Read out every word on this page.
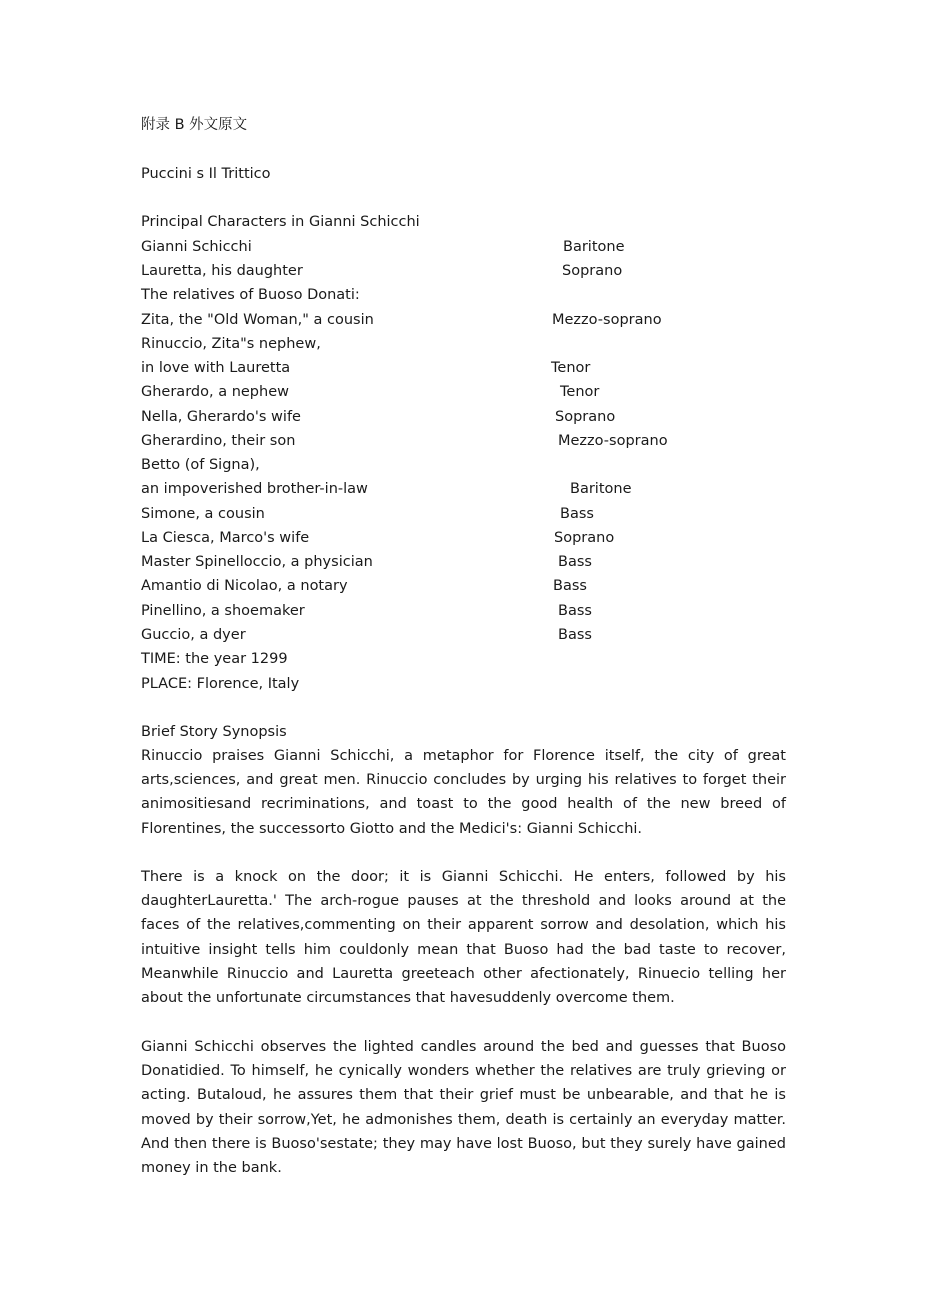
附录 B 外文原文
Puccini s Il Trittico
Principal Characters in Gianni Schicchi
Gianni Schicchi	Baritone
Lauretta, his daughter	Soprano
The relatives of Buoso Donati:
Zita, the "Old Woman," a cousin	Mezzo-soprano
Rinuccio, Zita"s nephew,
in love with Lauretta	Tenor
Gherardo, a nephew	Tenor
Nella, Gherardo's wife	Soprano
Gherardino, their son	Mezzo-soprano
Betto (of Signa),
an impoverished brother-in-law	Baritone
Simone, a cousin	Bass
La Ciesca, Marco's wife	Soprano
Master Spinelloccio, a physician	Bass
Amantio di Nicolao, a notary	Bass
Pinellino, a shoemaker	Bass
Guccio, a dyer	Bass
TIME: the year 1299
PLACE: Florence, Italy
Brief Story Synopsis

Rinuccio praises Gianni Schicchi, a metaphor for Florence itself, the city of great arts,sciences, and great men. Rinuccio concludes by urging his relatives to forget their animositiesand recriminations, and toast to the good health of the new breed of Florentines, the successorto Giotto and the Medici's: Gianni Schicchi.

There is a knock on the door; it is Gianni Schicchi. He enters, followed by his daughterLauretta.' The arch-rogue pauses at the threshold and looks around at the faces of the relatives,commenting on their apparent sorrow and desolation, which his intuitive insight tells him couldonly mean that Buoso had the bad taste to recover, Meanwhile Rinuccio and Lauretta greeteach other afectionately, Rinuecio telling her about the unfortunate circumstances that havesuddenly overcome them.

Gianni Schicchi observes the lighted candles around the bed and guesses that Buoso Donatidied. To himself, he cynically wonders whether the relatives are truly grieving or acting. Butaloud, he assures them that their grief must be unbearable, and that he is moved by their sorrow,Yet, he admonishes them, death is certainly an everyday matter. And then there is Buoso'sestate; they may have lost Buoso, but they surely have gained money in the bank.
